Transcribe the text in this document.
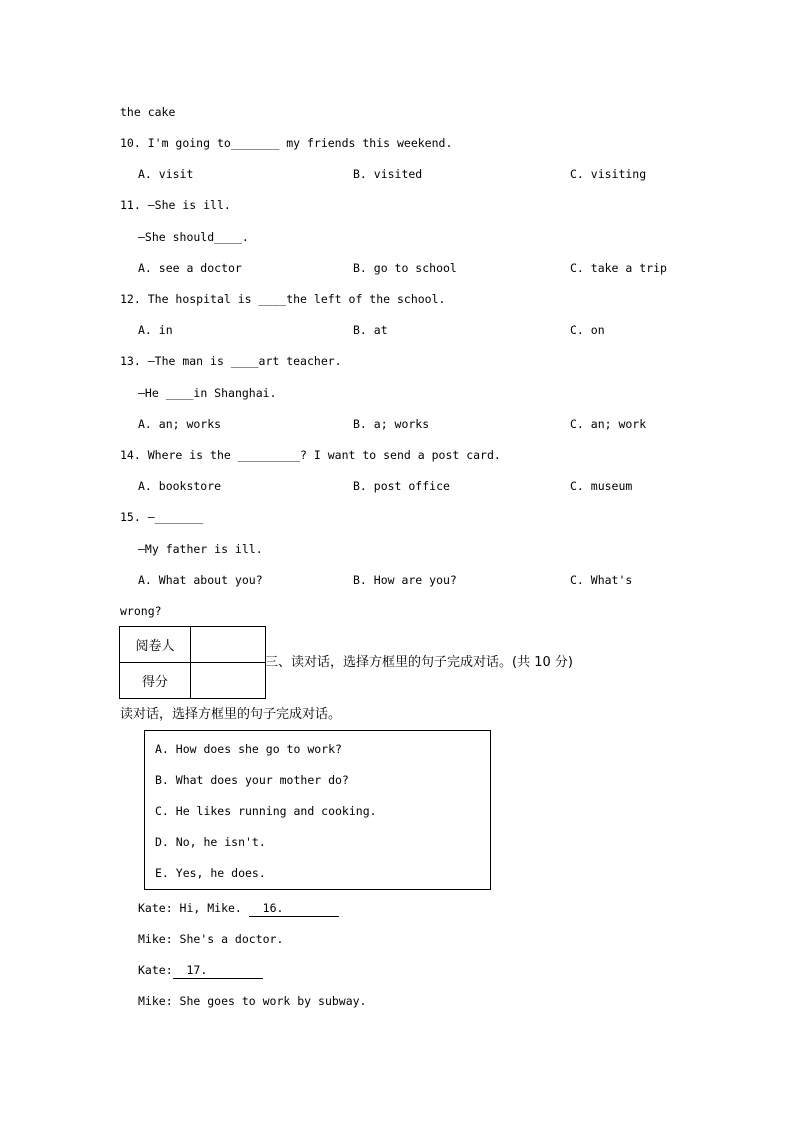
the cake
10. I'm going to_______ my friends this weekend.
A. visit	B. visited	C. visiting
11. —She is ill.
—She should____.
A. see a doctor	B. go to school	C. take a trip
12. The hospital is ____the left of the school.
A. in	B. at	C. on
13. —The man is ____art teacher.
—He ____in Shanghai.
A. an; works	B. a; works	C. an; work
14. Where is the _________? I want to send a post card.
A. bookstore	B. post office	C. museum
15. —_______
—My father is ill.
A. What about you?	B. How are you?	C. What's
wrong?
阅卷人	
得分	
三、读对话，选择方框里的句子完成对话。(共 10 分)
读对话，选择方框里的句子完成对话。
A. How does she go to work?
B. What does your mother do?
C. He likes running and cooking.
D. No, he isn't.
E. Yes, he does.
Kate: Hi, Mike.   16.________
Mike: She's a doctor.
Kate: 17.________
Mike: She goes to work by subway.
